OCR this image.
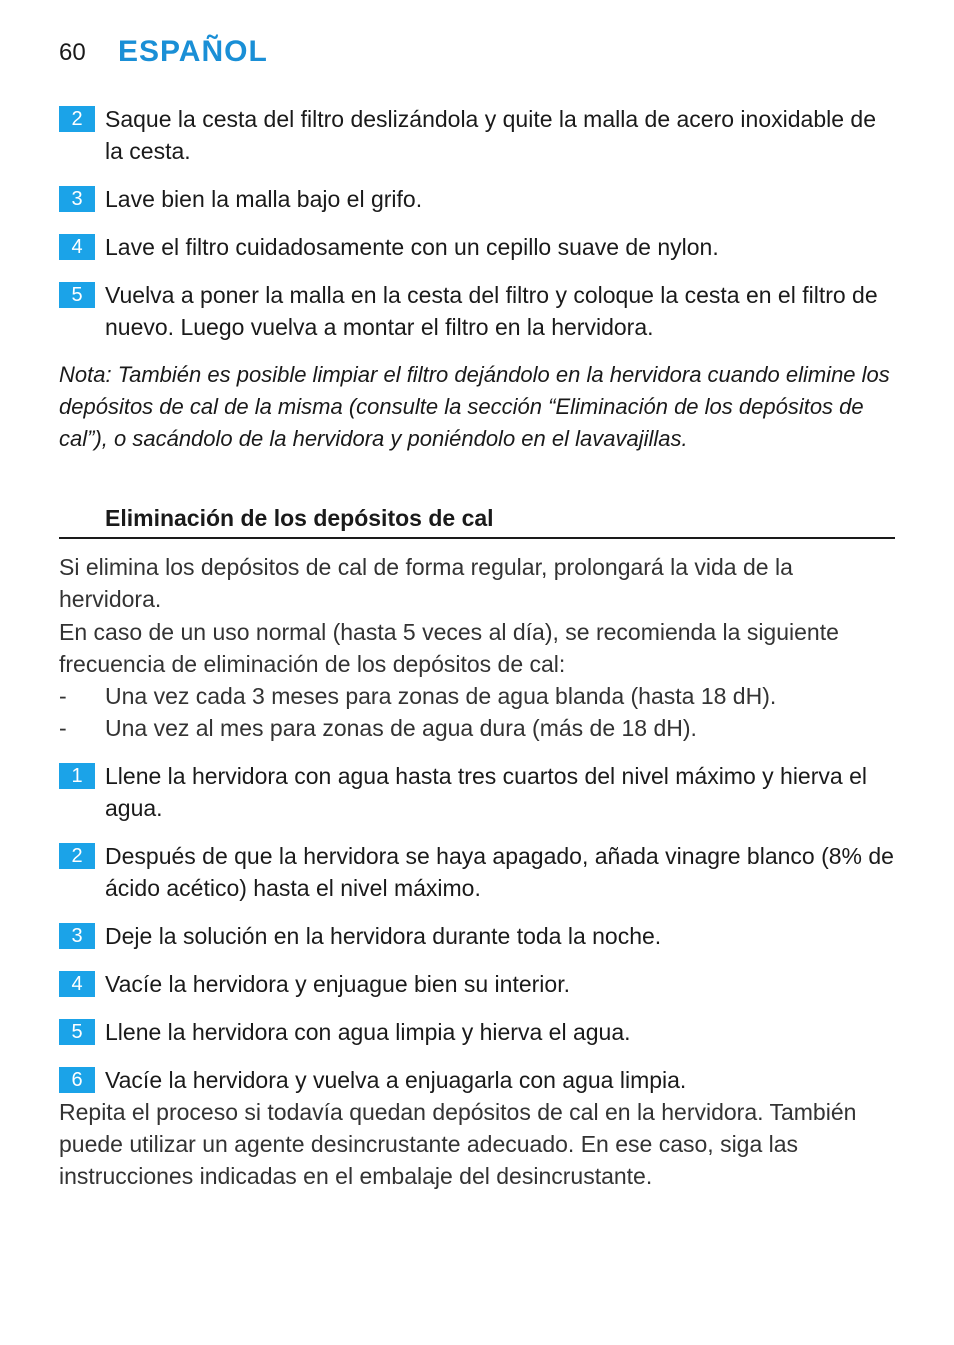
60 ESPAÑOL
2 Saque la cesta del filtro deslizándola y quite la malla de acero inoxidable de la cesta.
3 Lave bien la malla bajo el grifo.
4 Lave el filtro cuidadosamente con un cepillo suave de nylon.
5 Vuelva a poner la malla en la cesta del filtro y coloque la cesta en el filtro de nuevo. Luego vuelva a montar el filtro en la hervidora.
Nota: También es posible limpiar el filtro dejándolo en la hervidora cuando elimine los depósitos de cal de la misma (consulte la sección “Eliminación de los depósitos de cal”), o sacándolo de la hervidora y poniéndolo en el lavavajillas.
Eliminación de los depósitos de cal
Si elimina los depósitos de cal de forma regular, prolongará la vida de la hervidora.
En caso de un uso normal (hasta 5 veces al día), se recomienda la siguiente frecuencia de eliminación de los depósitos de cal:
- Una vez cada 3 meses para zonas de agua blanda (hasta 18 dH).
- Una vez al mes para zonas de agua dura (más de 18 dH).
1 Llene la hervidora con agua hasta tres cuartos del nivel máximo y hierva el agua.
2 Después de que la hervidora se haya apagado, añada vinagre blanco (8% de ácido acético) hasta el nivel máximo.
3 Deje la solución en la hervidora durante toda la noche.
4 Vacíe la hervidora y enjuague bien su interior.
5 Llene la hervidora con agua limpia y hierva el agua.
6 Vacíe la hervidora y vuelva a enjuagarla con agua limpia.
Repita el proceso si todavía quedan depósitos de cal en la hervidora. También puede utilizar un agente desincrustante adecuado. En ese caso, siga las instrucciones indicadas en el embalaje del desincrustante.
